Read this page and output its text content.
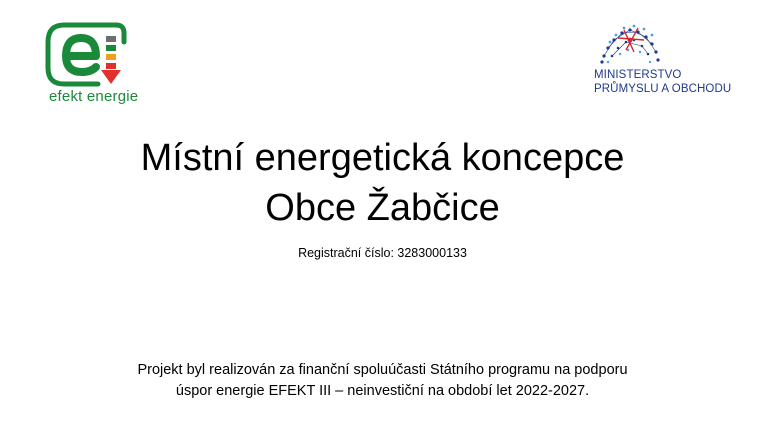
efekt energie
MINISTERSTVO
PRŮMYSLU A OBCHODU
Místní energetická koncepce
Obce Žabčice
Registrační číslo: 3283000133
Projekt byl realizován za finanční spoluúčasti Státního programu na podporu
úspor energie EFEKT III – neinvestiční na období let 2022-2027.
